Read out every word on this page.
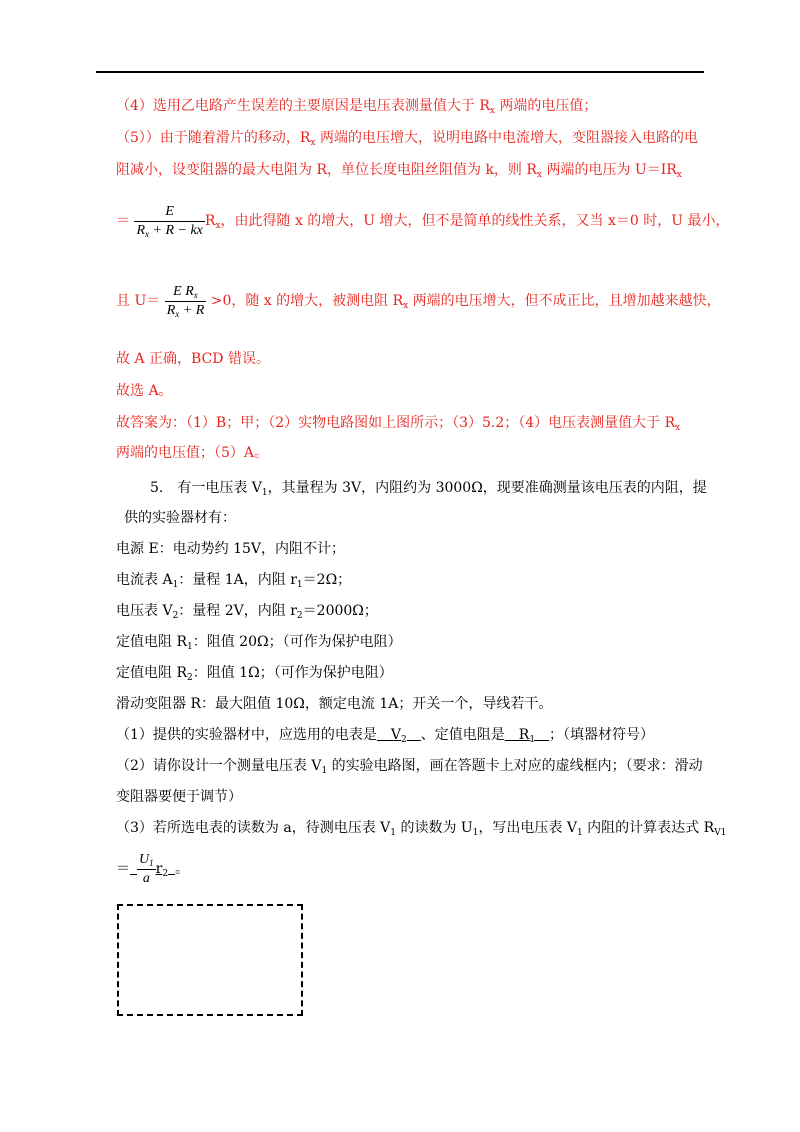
（4）选用乙电路产生误差的主要原因是电压表测量值大于 $R_x$ 两端的电压值；
（5））由于随着滑片的移动，$R_x$ 两端的电压增大，说明电路中电流增大，变阻器接入电路的电
阻减小，设变阻器的最大电阻为 R，单位长度电阻丝阻值为 k，则 $R_x$ 两端的电压为 $U=IR_x$
＝ $\frac{E}{R_x + R - kx} R_x$，由此得随 x 的增大，U 增大，但不是简单的线性关系，又当 x＝0 时，U 最小，
且 $U= \frac{E R_x}{R_x + R} >0$，随 x 的增大，被测电阻 $R_x$ 两端的电压增大，但不成正比，且增加越来越快，
故 A 正确，BCD 错误。
故选 A。
故答案为：（1）B；甲；（2）实物电路图如上图所示；（3）5.2；（4）电压表测量值大于 $R_x$
两端的电压值；（5）A。
5.　有一电压表 $V_1$，其量程为 3V，内阻约为 3000Ω，现要准确测量该电压表的内阻，提
供的实验器材有：
电源 E：电动势约 15V，内阻不计；
电流表 $A_1$：量程 1A，内阻 $r_1=2\Omega$；
电压表 $V_2$：量程 2V，内阻 $r_2=2000\Omega$；
定值电阻 $R_1$：阻值 20Ω；（可作为保护电阻）
定值电阻 $R_2$：阻值 1Ω；（可作为保护电阻）
滑动变阻器 R：最大阻值 10Ω，额定电流 1A；开关一个，导线若干。
（1）提供的实验器材中，应选用的电表是　$V_2$　 、定值电阻是　$R_1$　 ；（填器材符号）
（2）请你设计一个测量电压表 $V_1$ 的实验电路图，画在答题卡上对应的虚线框内；（要求：滑动
变阻器要便于调节）
（3）若所选电表的读数为 a，待测电压表 $V_1$ 的读数为 $U_1$，写出电压表 $V_1$ 内阻的计算表达式 $R_{V1}$
＝  $\frac{U_1}{a} r_2$  。
